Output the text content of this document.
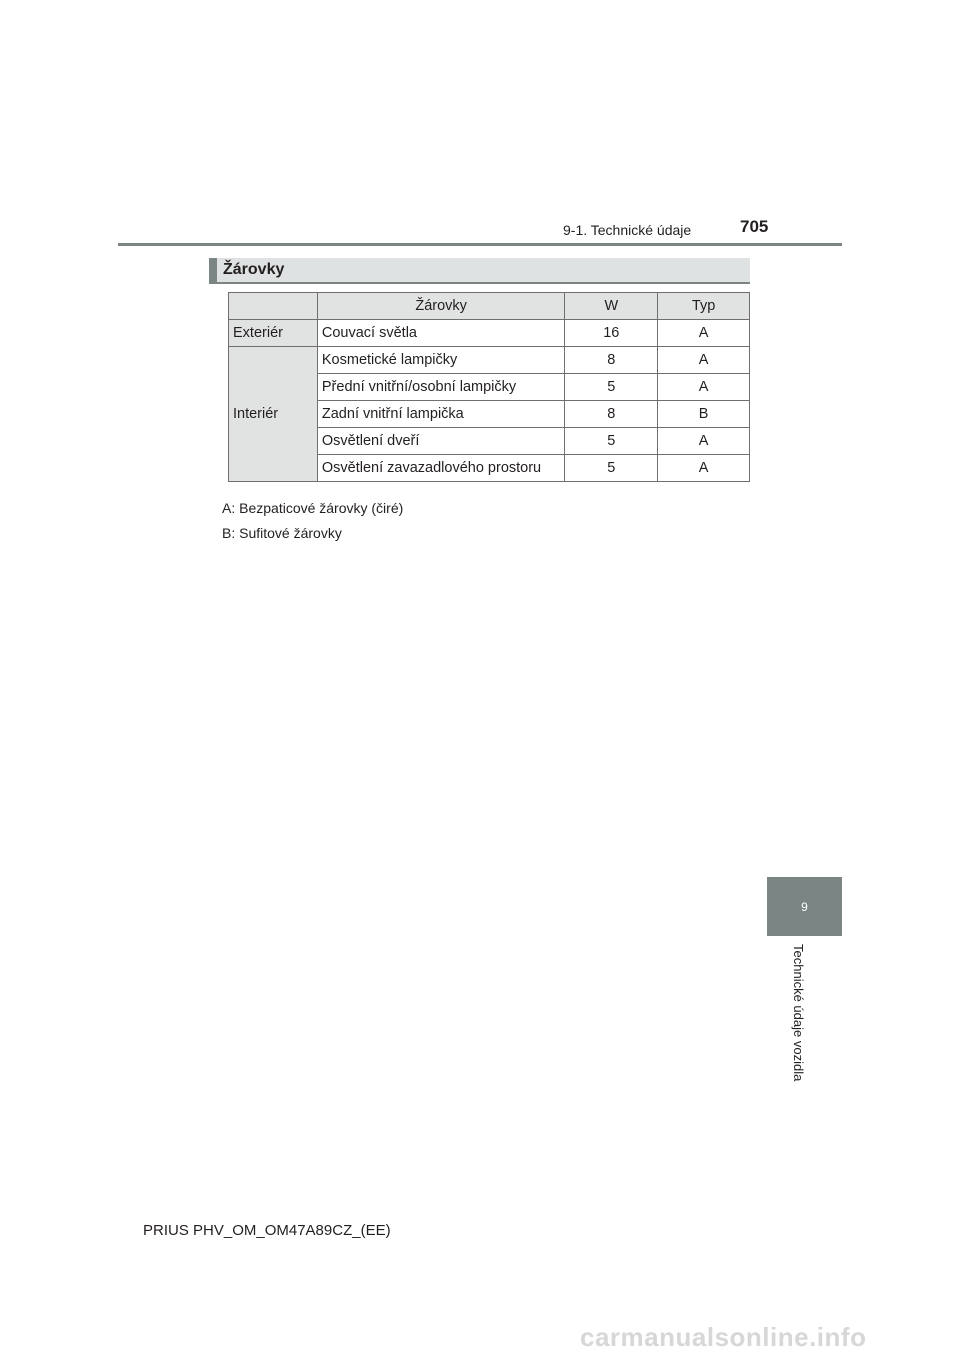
9-1. Technické údaje	705
Žárovky
	Žárovky	W	Typ
Exteriér	Couvací světla	16	A
Interiér	Kosmetické lampičky	8	A
	Přední vnitřní/osobní lampičky	5	A
	Zadní vnitřní lampička	8	B
	Osvětlení dveří	5	A
	Osvětlení zavazadlového prostoru	5	A
A: Bezpaticové žárovky (čiré)
B: Sufitové žárovky
9
Technické údaje vozidla
PRIUS PHV_OM_OM47A89CZ_(EE)
carmanualsonline.info
